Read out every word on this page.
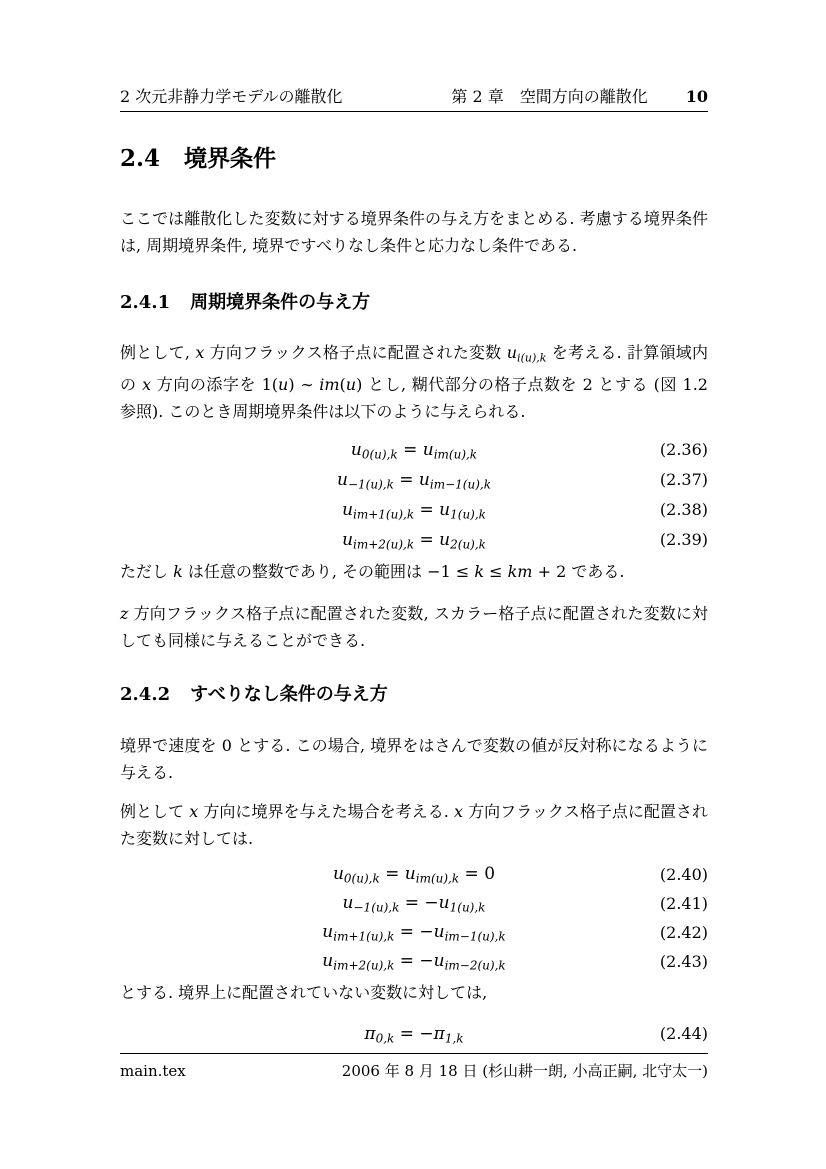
2 次元非静力学モデルの離散化	第 2 章 空間方向の離散化 10
2.4 境界条件

ここでは離散化した変数に対する境界条件の与え方をまとめる. 考慮する境界条件は, 周期境界条件, 境界ですべりなし条件と応力なし条件である.

2.4.1 周期境界条件の与え方

例として, x 方向フラックス格子点に配置された変数 $u_{i(u),k}$ を考える. 計算領域内の x 方向の添字を 1(u) ∼ im(u) とし, 糊代部分の格子点数を 2 とする (図 1.2 参照). このとき周期境界条件は以下のように与えられる.

$u_{0(u),k} = u_{im(u),k}$	(2.36)
$u_{-1(u),k} = u_{im-1(u),k}$	(2.37)
$u_{im+1(u),k} = u_{1(u),k}$	(2.38)
$u_{im+2(u),k} = u_{2(u),k}$	(2.39)

ただし k は任意の整数であり, その範囲は −1 ≤ k ≤ km + 2 である.

z 方向フラックス格子点に配置された変数, スカラー格子点に配置された変数に対しても同様に与えることができる.

2.4.2 すべりなし条件の与え方

境界で速度を 0 とする. この場合, 境界をはさんで変数の値が反対称になるように与える.

例として x 方向に境界を与えた場合を考える. x 方向フラックス格子点に配置された変数に対しては.

$u_{0(u),k} = u_{im(u),k} = 0$	(2.40)
$u_{-1(u),k} = -u_{1(u),k}$	(2.41)
$u_{im+1(u),k} = -u_{im-1(u),k}$	(2.42)
$u_{im+2(u),k} = -u_{im-2(u),k}$	(2.43)

とする. 境界上に配置されていない変数に対しては,

$\pi_{0,k} = -\pi_{1,k}$	(2.44)
main.tex	2006 年 8 月 18 日 (杉山耕一朗, 小高正嗣, 北守太一)
